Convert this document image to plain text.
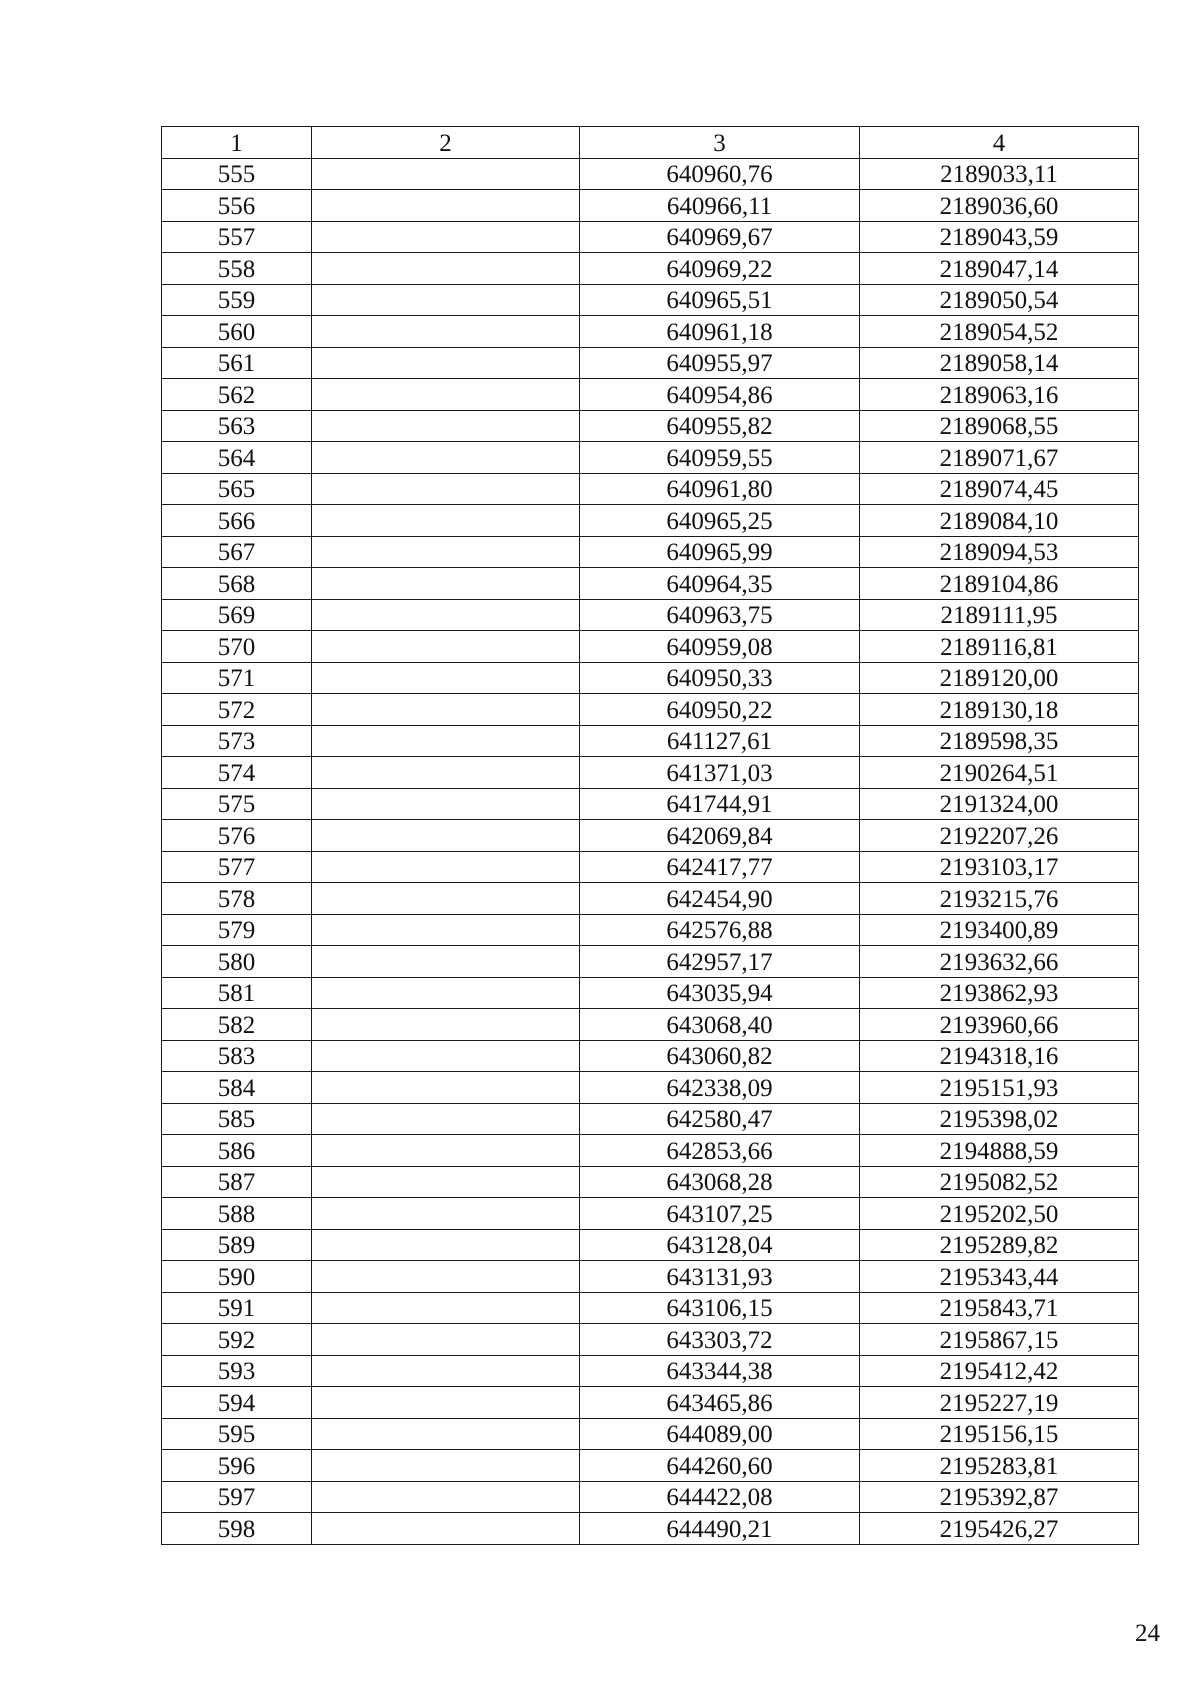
1	2	3	4
555		640960,76	2189033,11
556		640966,11	2189036,60
557		640969,67	2189043,59
558		640969,22	2189047,14
559		640965,51	2189050,54
560		640961,18	2189054,52
561		640955,97	2189058,14
562		640954,86	2189063,16
563		640955,82	2189068,55
564		640959,55	2189071,67
565		640961,80	2189074,45
566		640965,25	2189084,10
567		640965,99	2189094,53
568		640964,35	2189104,86
569		640963,75	2189111,95
570		640959,08	2189116,81
571		640950,33	2189120,00
572		640950,22	2189130,18
573		641127,61	2189598,35
574		641371,03	2190264,51
575		641744,91	2191324,00
576		642069,84	2192207,26
577		642417,77	2193103,17
578		642454,90	2193215,76
579		642576,88	2193400,89
580		642957,17	2193632,66
581		643035,94	2193862,93
582		643068,40	2193960,66
583		643060,82	2194318,16
584		642338,09	2195151,93
585		642580,47	2195398,02
586		642853,66	2194888,59
587		643068,28	2195082,52
588		643107,25	2195202,50
589		643128,04	2195289,82
590		643131,93	2195343,44
591		643106,15	2195843,71
592		643303,72	2195867,15
593		643344,38	2195412,42
594		643465,86	2195227,19
595		644089,00	2195156,15
596		644260,60	2195283,81
597		644422,08	2195392,87
598		644490,21	2195426,27
24
